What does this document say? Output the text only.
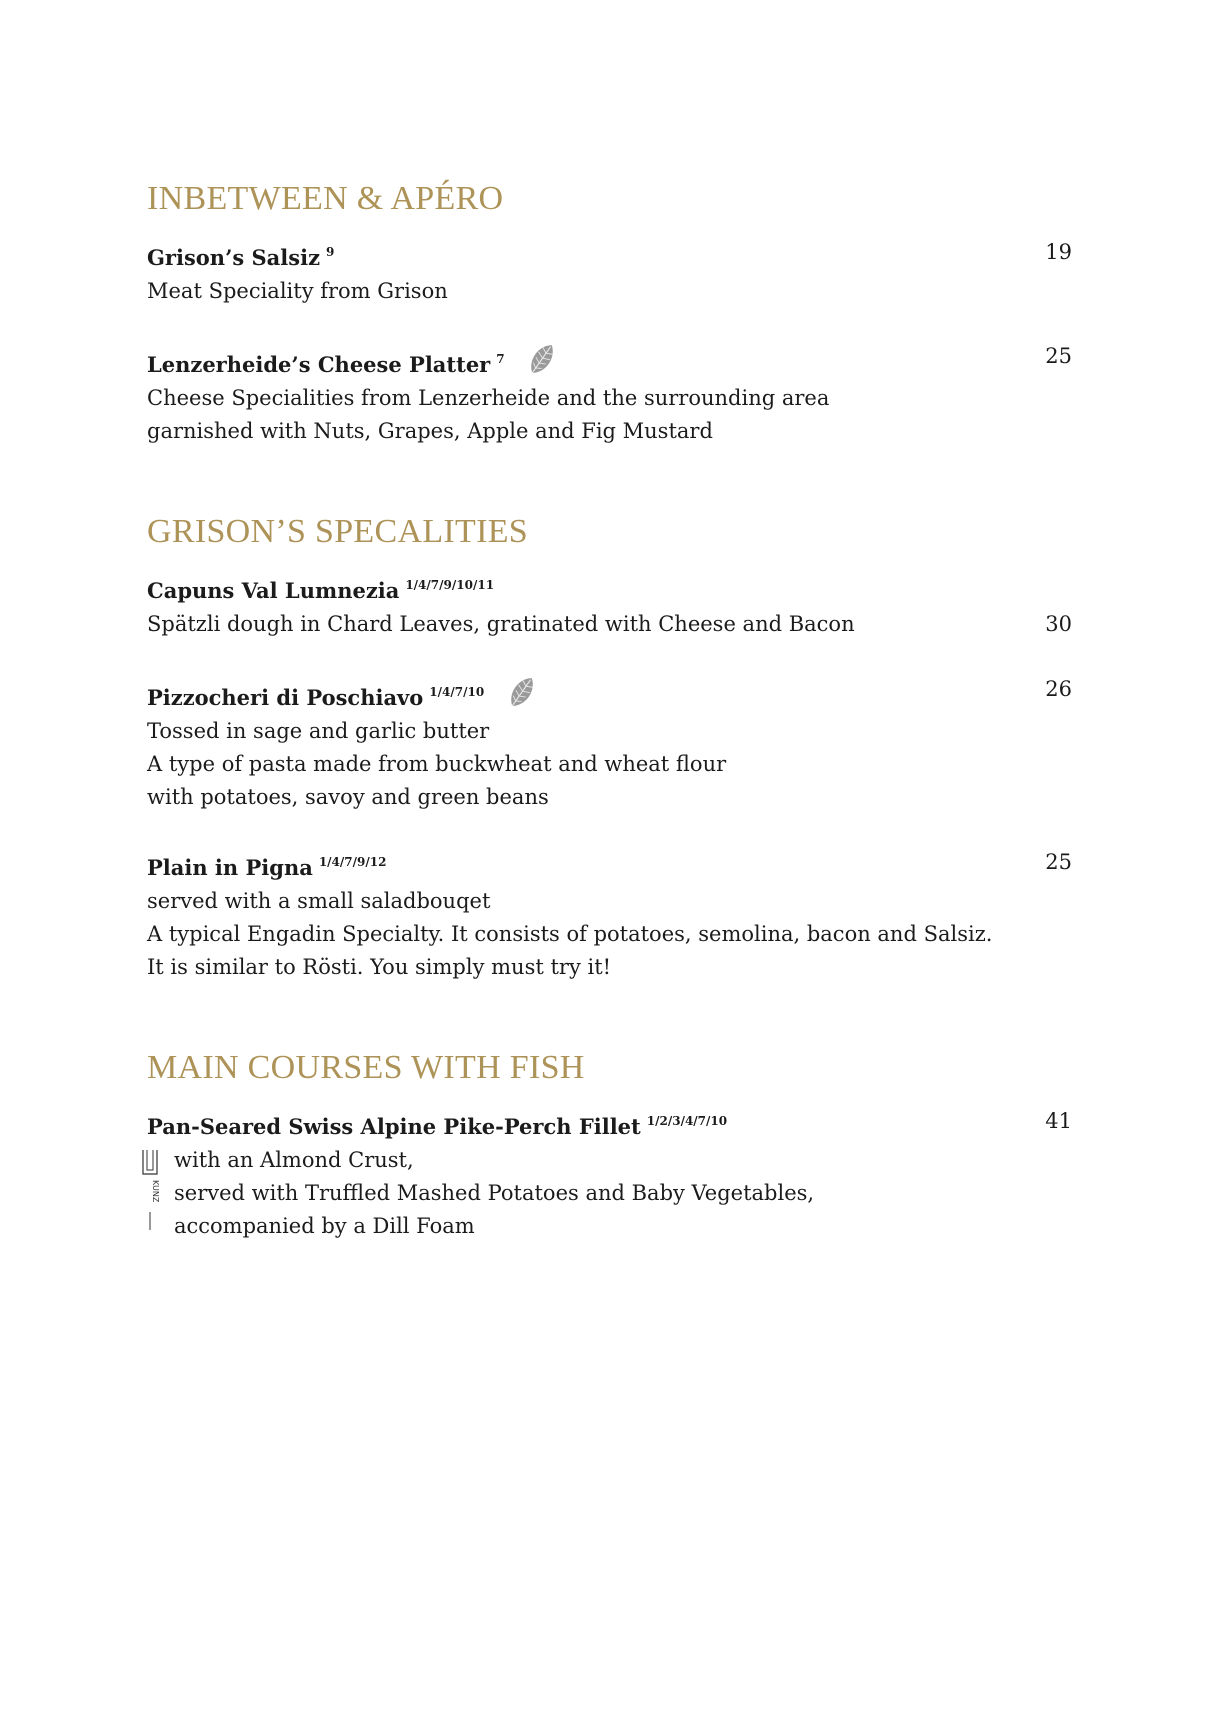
INBETWEEN & APÉRO
Grison’s Salsiz $^9$	19
Meat Speciality from Grison
Lenzerheide’s Cheese Platter $^7$	25
Cheese Specialities from Lenzerheide and the surrounding area
garnished with Nuts, Grapes, Apple and Fig Mustard
GRISON’S SPECALITIES
Capuns Val Lumnezia $^{1/4/7/9/10/11}$
Spätzli dough in Chard Leaves, gratinated with Cheese and Bacon	30
Pizzocheri di Poschiavo $^{1/4/7/10}$	26
Tossed in sage and garlic butter
A type of pasta made from buckwheat and wheat flour
with potatoes, savoy and green beans
Plain in Pigna $^{1/4/7/9/12}$	25
served with a small saladbouqet
A typical Engadin Specialty. It consists of potatoes, semolina, bacon and Salsiz.
It is similar to Rösti. You simply must try it!
MAIN COURSES WITH FISH
Pan-Seared Swiss Alpine Pike-Perch Fillet $^{1/2/3/4/7/10}$	41
KUNZ
with an Almond Crust,
served with Truffled Mashed Potatoes and Baby Vegetables,
accompanied by a Dill Foam
